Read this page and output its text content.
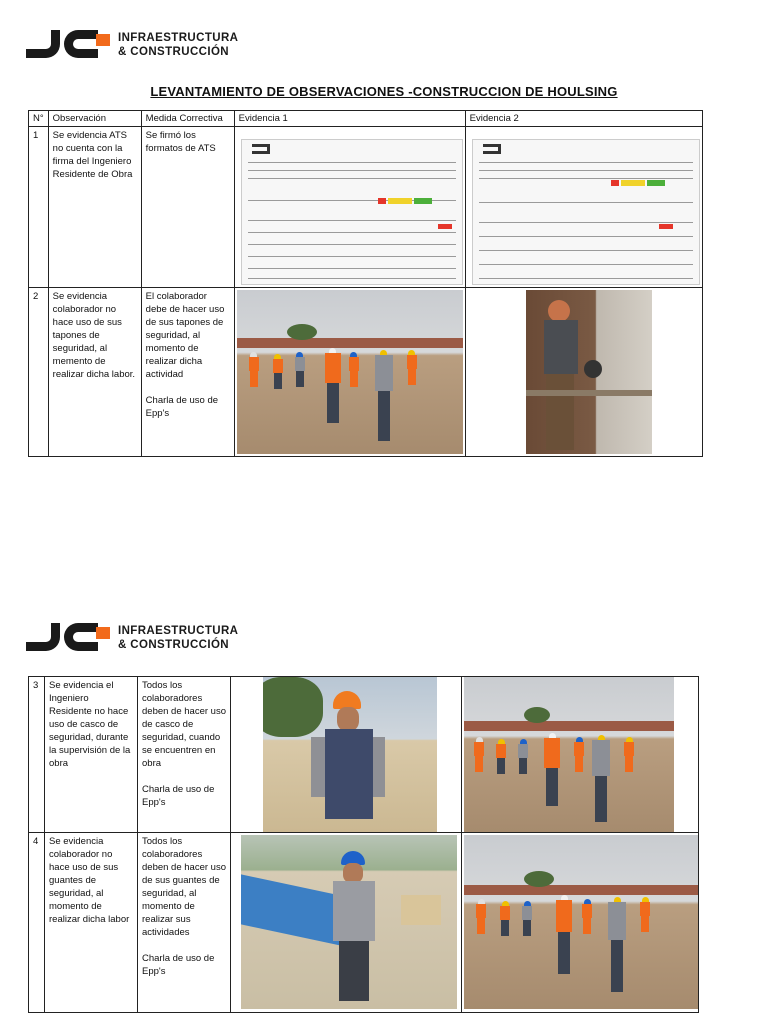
INFRAESTRUCTURA
& CONSTRUCCIÓN
LEVANTAMIENTO DE OBSERVACIONES -CONSTRUCCION DE HOULSING
N°	Observación	Medida Correctiva	Evidencia 1	Evidencia 2
1	Se evidencia ATS no cuenta con la firma del Ingeniero Residente de Obra	Se firmó los formatos de ATS	

2	Se evidencia colaborador no hace uso de sus tapones de seguridad, al memento de realizar dicha labor.	El colaborador debe de hacer uso de sus tapones de seguridad, al momento de realizar dicha actividad

Charla de uso de Epp's	

INFRAESTRUCTURA
& CONSTRUCCIÓN
3	Se evidencia el Ingeniero Residente no hace uso de casco de seguridad, durante la supervisión de la obra	Todos los colaboradores deben de hacer uso de casco de seguridad, cuando se encuentren en obra

Charla de uso de Epp's	

4	Se evidencia colaborador no hace uso de sus guantes de seguridad, al momento de realizar dicha labor	Todos los colaboradores deben de hacer uso de sus guantes de seguridad, al momento de realizar sus actividades

Charla de uso de Epp's	
